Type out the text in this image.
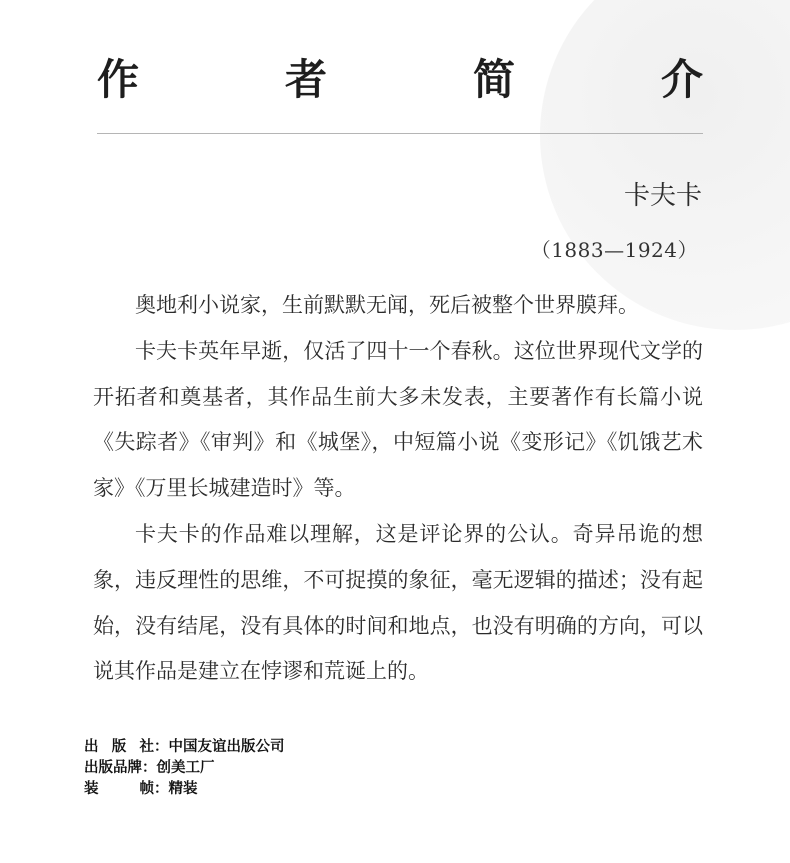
作	者	简	介
卡夫卡
（1883—1924）

奥地利小说家，生前默默无闻，死后被整个世界膜拜。

卡夫卡英年早逝，仅活了四十一个春秋。这位世界现代文学的开拓者和奠基者，其作品生前大多未发表，主要著作有长篇小说《失踪者》《审判》和《城堡》，中短篇小说《变形记》《饥饿艺术家》《万里长城建造时》等。

卡夫卡的作品难以理解，这是评论界的公认。奇异吊诡的想象，违反理性的思维，不可捉摸的象征，毫无逻辑的描述；没有起始，没有结尾，没有具体的时间和地点，也没有明确的方向，可以说其作品是建立在悖谬和荒诞上的。

出 版 社 ： 中国友谊出版公司
出版品牌 ： 创美工厂
装	帧 ： 精装
